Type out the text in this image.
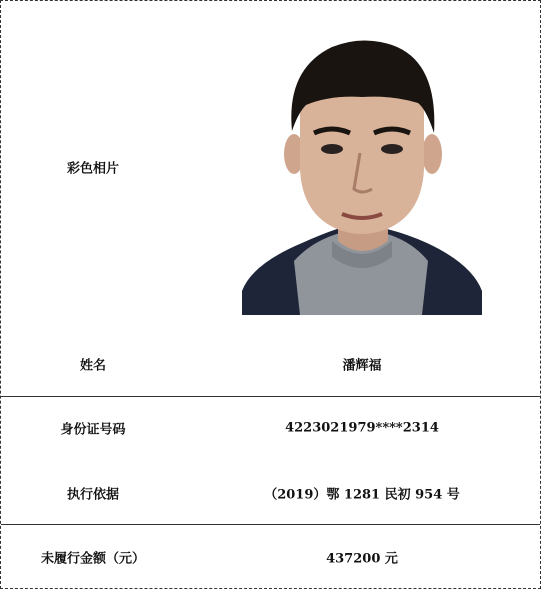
彩色相片
姓名	潘辉福
身份证号码	4223021979****2314
执行依据	（2019）鄂 1281 民初 954 号
未履行金额（元）	437200 元
